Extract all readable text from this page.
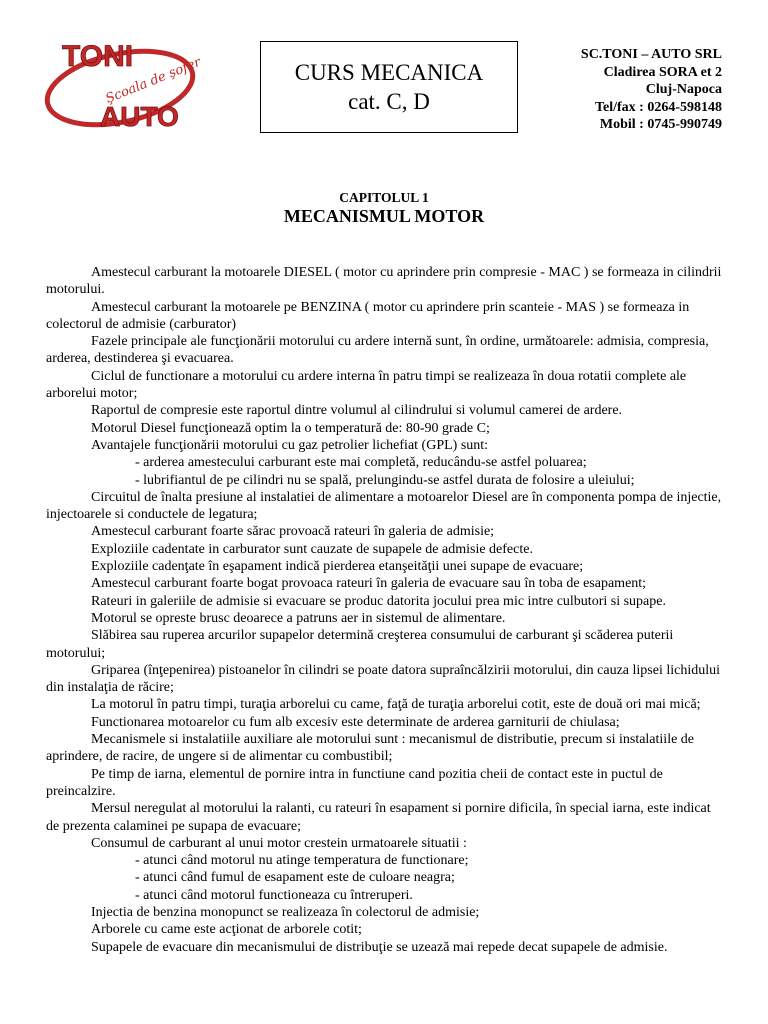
TONI
Şcoala de şoferi
AUTO
CURS MECANICA
cat. C, D
SC.TONI – AUTO SRL
Cladirea SORA et 2
Cluj-Napoca
Tel/fax : 0264-598148
Mobil : 0745-990749
CAPITOLUL 1
MECANISMUL MOTOR

Amestecul carburant la motoarele DIESEL ( motor cu aprindere prin compresie - MAC ) se formeaza in cilindrii motorului.

Amestecul carburant la motoarele pe BENZINA ( motor cu aprindere prin scanteie - MAS ) se formeaza in colectorul de admisie (carburator)

Fazele principale ale funcţionării motorului cu ardere internă sunt, în ordine, următoarele: admisia, compresia, arderea, destinderea şi evacuarea.

Ciclul de functionare a motorului cu ardere interna în patru timpi se realizeaza în doua rotatii complete ale arborelui motor;

Raportul de compresie este raportul dintre volumul al cilindrului si volumul camerei de ardere.

Motorul Diesel funcţionează optim la o temperatură de: 80-90 grade C;

Avantajele funcţionării motorului cu gaz petrolier lichefiat (GPL) sunt:

- arderea amestecului carburant este mai completă, reducându-se astfel poluarea;

- lubrifiantul de pe cilindri nu se spală, prelungindu-se astfel durata de folosire a uleiului;

Circuitul de înalta presiune al instalatiei de alimentare a motoarelor Diesel are în componenta pompa de injectie, injectoarele si conductele de legatura;

Amestecul carburant foarte sărac provoacă rateuri în galeria de admisie;

Exploziile cadentate in carburator sunt cauzate de supapele de admisie defecte.

Exploziile cadenţate în eşapament indică pierderea etanşeităţii unei supape de evacuare;

Amestecul carburant foarte bogat provoaca rateuri în galeria de evacuare sau în toba de esapament;

Rateuri in galeriile de admisie si evacuare se produc datorita jocului prea mic intre culbutori si supape.

Motorul se opreste brusc deoarece a patruns aer in sistemul de alimentare.

Slăbirea sau ruperea arcurilor supapelor determină creşterea consumului de carburant şi scăderea puterii motorului;

Griparea (înţepenirea) pistoanelor în cilindri se poate datora supraîncălzirii motorului, din cauza lipsei lichidului din instalaţia de răcire;

La motorul în patru timpi, turaţia arborelui cu came, faţă de turaţia arborelui cotit, este de două ori mai mică;

Functionarea motoarelor cu fum alb excesiv este determinate de arderea garniturii de chiulasa;

Mecanismele si instalatiile auxiliare ale motorului sunt : mecanismul de distributie, precum si instalatiile de aprindere, de racire, de ungere si de alimentar cu combustibil;

Pe timp de iarna, elementul de pornire intra in functiune cand pozitia cheii de contact este in puctul de preincalzire.

Mersul neregulat al motorului la ralanti, cu rateuri în esapament si pornire dificila, în special iarna, este indicat de prezenta calaminei pe supapa de evacuare;

Consumul de carburant al unui motor crestein urmatoarele situatii :

- atunci când motorul nu atinge temperatura de functionare;

- atunci când fumul de esapament este de culoare neagra;

- atunci când motorul functioneaza cu întreruperi.

Injectia de benzina monopunct se realizeaza în colectorul de admisie;

Arborele cu came este acţionat de arborele cotit;

Supapele de evacuare din mecanismului de distribuţie se uzează mai repede decat supapele de admisie.
